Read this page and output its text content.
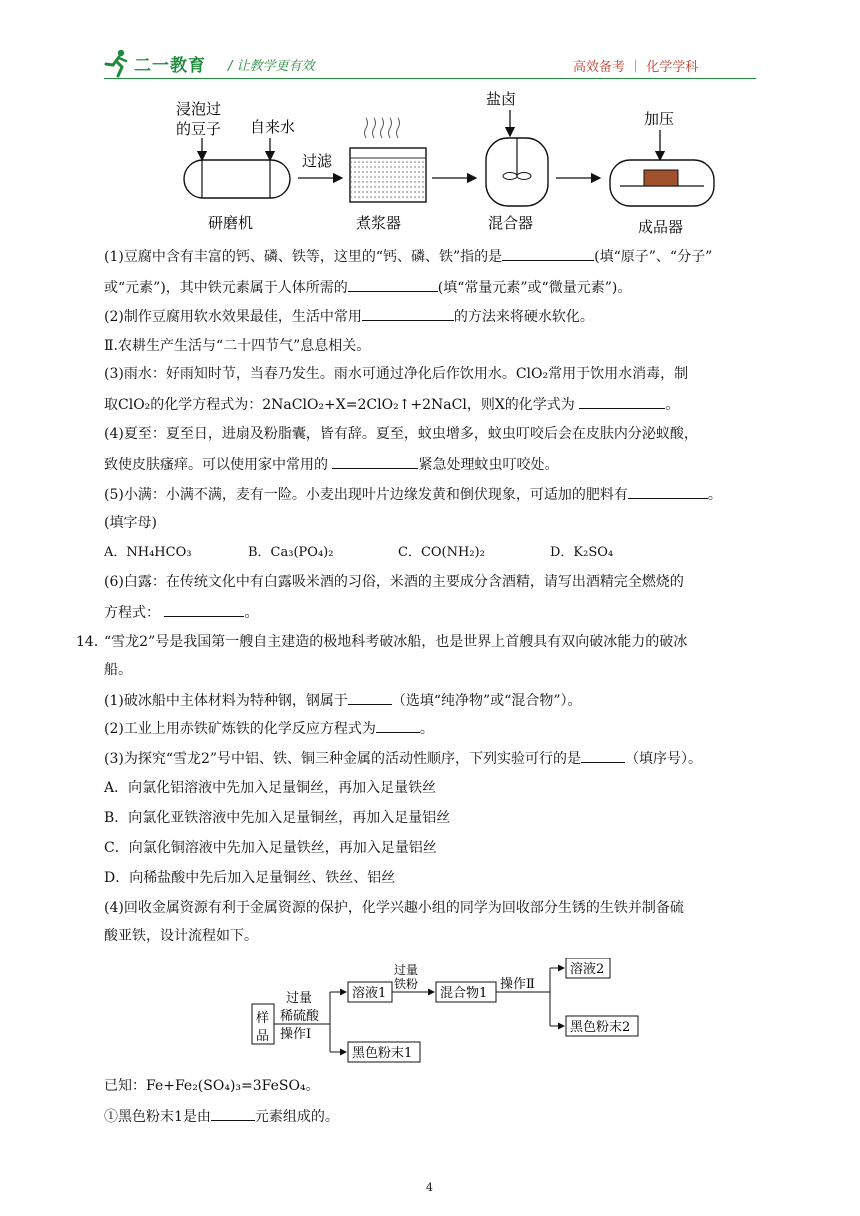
二一教育 / 让教学更有效	高效备考 ｜ 化学学科
浸泡过
的豆子 自来水
研磨机
过滤
煮浆器
盐卤
混合器
加压
成品器
(1)豆腐中含有丰富的钙、磷、铁等，这里的“钙、磷、铁”指的是	(填“原子”、“分子”
或“元素”)，其中铁元素属于人体所需的	(填“常量元素”或“微量元素”)。
(2)制作豆腐用软水效果最佳，生活中常用	的方法来将硬水软化。
Ⅱ.农耕生产生活与“二十四节气”息息相关。
(3)雨水：好雨知时节，当春乃发生。雨水可通过净化后作饮用水。ClO₂常用于饮用水消毒，制
取ClO₂的化学方程式为：2NaClO₂+X=2ClO₂↑+2NaCl，则X的化学式为	。
(4)夏至：夏至日，进扇及粉脂囊，皆有辞。夏至，蚊虫增多，蚊虫叮咬后会在皮肤内分泌蚁酸，
致使皮肤瘙痒。可以使用家中常用的	紧急处理蚊虫叮咬处。
(5)小满：小满不满，麦有一险。小麦出现叶片边缘发黄和倒伏现象，可适加的肥料有	。
(填字母)
A．NH₄HCO₃	B．Ca₃(PO₄)₂	C．CO(NH₂)₂	D．K₂SO₄
(6)白露：在传统文化中有白露吸米酒的习俗，米酒的主要成分含酒精，请写出酒精完全燃烧的
方程式：	。
14．
“雪龙2”号是我国第一艘自主建造的极地科考破冰船，也是世界上首艘具有双向破冰能力的破冰
船。
(1)破冰船中主体材料为特种钢，钢属于	（选填“纯净物”或“混合物”）。
(2)工业上用赤铁矿炼铁的化学反应方程式为	。
(3)为探究“雪龙2”号中铝、铁、铜三种金属的活动性顺序，下列实验可行的是	（填序号）。
A．向氯化铝溶液中先加入足量铜丝，再加入足量铁丝
B．向氯化亚铁溶液中先加入足量铜丝，再加入足量铝丝
C．向氯化铜溶液中先加入足量铁丝，再加入足量铝丝
D．向稀盐酸中先后加入足量铜丝、铁丝、铝丝
(4)回收金属资源有利于金属资源的保护，化学兴趣小组的同学为回收部分生锈的生铁并制备硫
酸亚铁，设计流程如下。
已知：Fe+Fe₂(SO₄)₃=3FeSO₄。
①黑色粉末1是由	元素组成的。
样
品
过量
稀硫酸
操作Ⅰ
溶液1
过量
铁粉
混合物1
操作Ⅱ
溶液2
黑色粉末2
黑色粉末1
4
